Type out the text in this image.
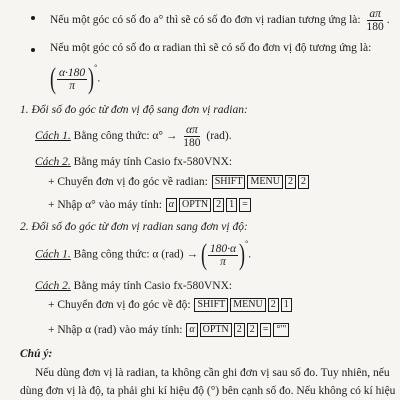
Nếu một góc có số đo a° thì sẽ có số đo đơn vị radian tương ứng là: $\frac{a\pi}{180}$ .
Nếu một góc có số đo α radian thì sẽ có số đo đơn vị độ tương ứng là:
( $\frac{\alpha\cdot 180}{\pi} )^\circ$.
1. Đổi số đo góc từ đơn vị độ sang đơn vị radian:
Cách 1. Bằng công thức: $\alpha^\circ \to \frac{\alpha\pi}{180} (rad)$.
Cách 2. Bằng máy tính Casio fx-580VNX:
+ Chuyển đơn vị đo góc về radian: SHIFT MENU 2 2
+ Nhập α° vào máy tính: α OPTN 2 1 =
2. Đổi số đo góc từ đơn vị radian sang đơn vị độ:
Cách 1. Bằng công thức: α (rad) → ( $\frac{180\cdot\alpha}{\pi} )^\circ$.
Cách 2. Bằng máy tính Casio fx-580VNX:
+ Chuyển đơn vị đo góc về độ: SHIFT MENU 2 1
+ Nhập α (rad) vào máy tính: α OPTN 2 2 = °'"
Chú ý:
Nếu dùng đơn vị là radian, ta không cần ghi đơn vị sau số đo. Tuy nhiên, nếu
dùng đơn vị là độ, ta phải ghi kí hiệu độ (°) bên cạnh số đo. Nếu không có kí hiệu
